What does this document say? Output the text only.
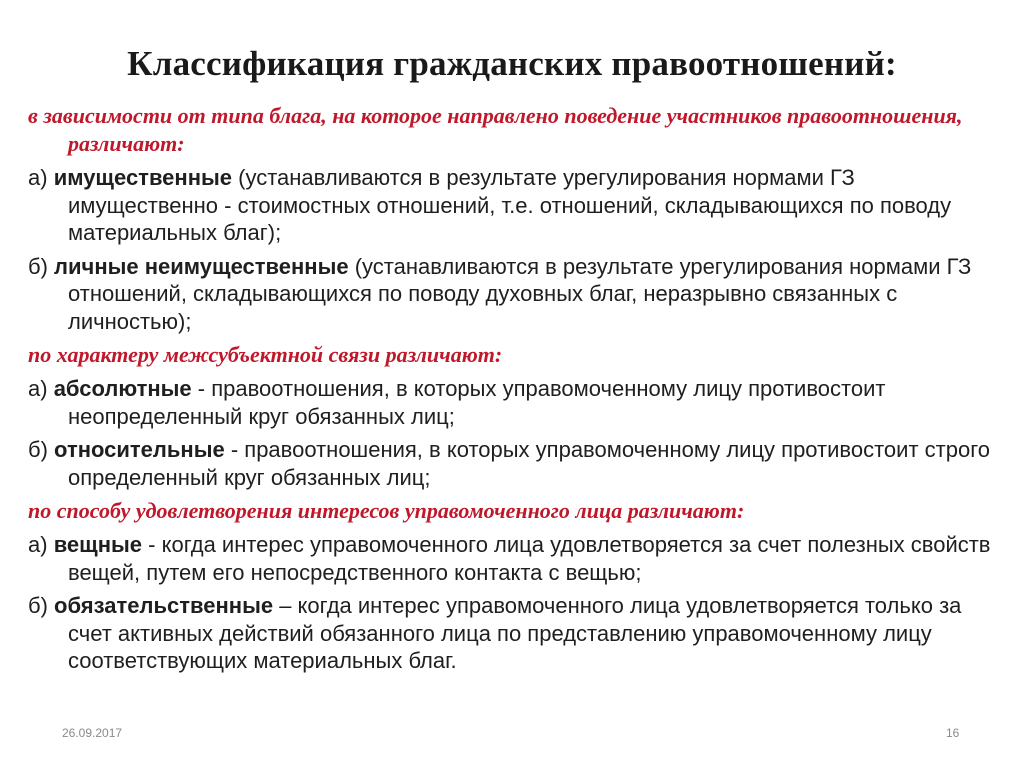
Классификация гражданских правоотношений:

в зависимости от типа блага, на которое направлено поведение участников правоотношения, различают:

а) имущественные (устанавливаются в результате урегулирования нормами ГЗ имущественно - стоимостных отношений, т.е. отношений, складывающихся по поводу материальных благ);

б) личные неимущественные (устанавливаются в результате урегулирования нормами ГЗ отношений, складывающихся по поводу духовных благ, неразрывно связанных с личностью);

по характеру межсубъектной связи различают:

а) абсолютные - правоотношения, в которых управомоченному лицу противостоит неопределенный круг обязанных лиц;

б) относительные - правоотношения, в которых управомоченному лицу противостоит строго определенный круг обязанных лиц;

по способу удовлетворения интересов управомоченного лица различают:

а) вещные - когда интерес управомоченного лица удовлетворяется за счет полезных свойств вещей, путем его непосредственного контакта с вещью;

б) обязательственные – когда интерес управомоченного лица удовлетворяется только за счет активных действий обязанного лица по представлению управомоченному лицу соответствующих материальных благ.

26.09.2017	16
